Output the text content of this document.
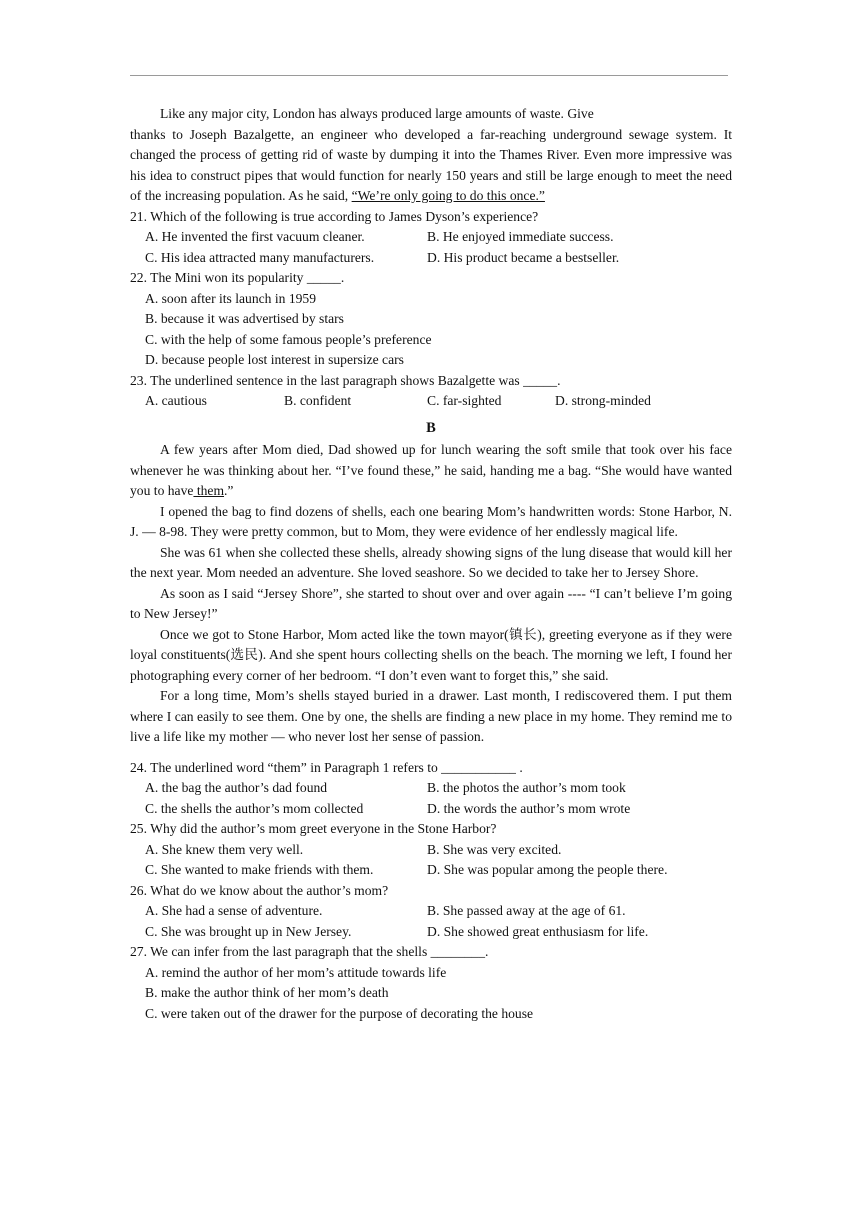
Like any major city, London has always produced large amounts of waste. Give
thanks to Joseph Bazalgette, an engineer who developed a far-reaching underground sewage system. It changed the process of getting rid of waste by dumping it into the Thames River. Even more impressive was his idea to construct pipes that would function for nearly 150 years and still be large enough to meet the need of the increasing population. As he said, “We’re only going to do this once.”

21. Which of the following is true according to James Dyson’s experience?
A. He invented the first vacuum cleaner.	B. He enjoyed immediate success.
C. His idea attracted many manufacturers.	D. His product became a bestseller.
22. The Mini won its popularity _____.
A. soon after its launch in 1959
B. because it was advertised by stars
C. with the help of some famous people’s preference
D. because people lost interest in supersize cars
23. The underlined sentence in the last paragraph shows Bazalgette was _____.
A. cautious	B. confident	C. far-sighted	D. strong-minded
B

A few years after Mom died, Dad showed up for lunch wearing the soft smile that took over his face whenever he was thinking about her. “I’ve found these,” he said, handing me a bag. “She would have wanted you to have them.”

I opened the bag to find dozens of shells, each one bearing Mom’s handwritten words: Stone Harbor, N. J. — 8-98. They were pretty common, but to Mom, they were evidence of her endlessly magical life.

She was 61 when she collected these shells, already showing signs of the lung disease that would kill her the next year. Mom needed an adventure. She loved seashore. So we decided to take her to Jersey Shore.

As soon as I said “Jersey Shore”, she started to shout over and over again ---- “I can’t believe I’m going to New Jersey!”

Once we got to Stone Harbor, Mom acted like the town mayor(镇长), greeting everyone as if they were loyal constituents(选民). And she spent hours collecting shells on the beach. The morning we left, I found her photographing every corner of her bedroom. “I don’t even want to forget this,” she said.

For a long time, Mom’s shells stayed buried in a drawer. Last month, I rediscovered them. I put them where I can easily to see them. One by one, the shells are finding a new place in my home. They remind me to live a life like my mother — who never lost her sense of passion.

24. The underlined word “them” in Paragraph 1 refers to ___________ .
A. the bag the author’s dad found	B. the photos the author’s mom took
C. the shells the author’s mom collected	D. the words the author’s mom wrote
25. Why did the author’s mom greet everyone in the Stone Harbor?
A. She knew them very well.	B. She was very excited.
C. She wanted to make friends with them.	D. She was popular among the people there.
26. What do we know about the author’s mom?
A. She had a sense of adventure.	B. She passed away at the age of 61.
C. She was brought up in New Jersey.	D. She showed great enthusiasm for life.
27. We can infer from the last paragraph that the shells ________.
A. remind the author of her mom’s attitude towards life
B. make the author think of her mom’s death
C. were taken out of the drawer for the purpose of decorating the house
